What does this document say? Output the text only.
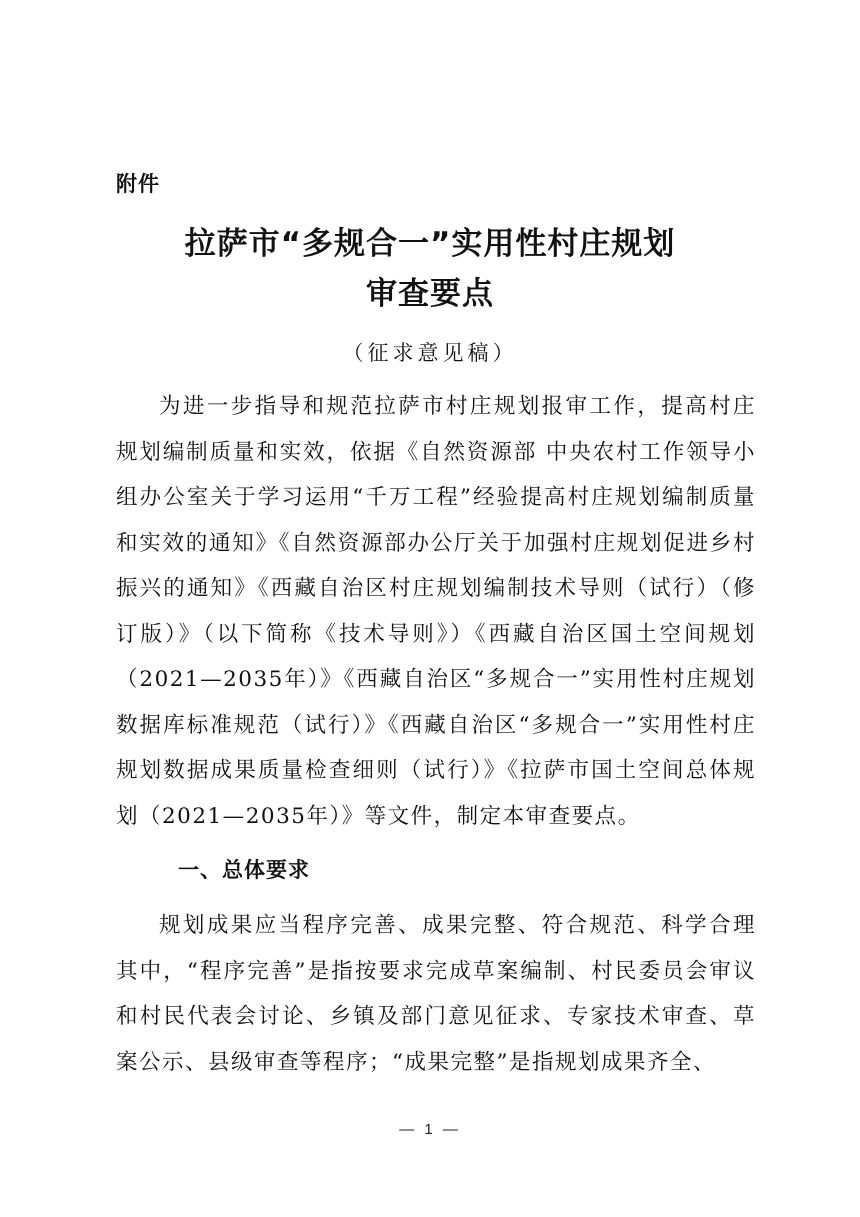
附件
拉萨市“多规合一”实用性村庄规划
审查要点
（征求意见稿）

为进一步指导和规范拉萨市村庄规划报审工作，提高村庄规划编制质量和实效，依据《自然资源部 中央农村工作领导小组办公室关于学习运用“千万工程”经验提高村庄规划编制质量和实效的通知》《自然资源部办公厅关于加强村庄规划促进乡村振兴的通知》《西藏自治区村庄规划编制技术导则（试行）（修订版）》（以下简称《技术导则》）《西藏自治区国土空间规划（2021—2035年）》《西藏自治区“多规合一”实用性村庄规划数据库标准规范（试行）》《西藏自治区“多规合一”实用性村庄规划数据成果质量检查细则（试行）》《拉萨市国土空间总体规划（2021—2035年）》等文件，制定本审查要点。

一、总体要求

规划成果应当程序完善、成果完整、符合规范、科学合理其中，“程序完善”是指按要求完成草案编制、村民委员会审议和村民代表会讨论、乡镇及部门意见征求、专家技术审查、草案公示、县级审查等程序；“成果完整”是指规划成果齐全、

— 1 —
